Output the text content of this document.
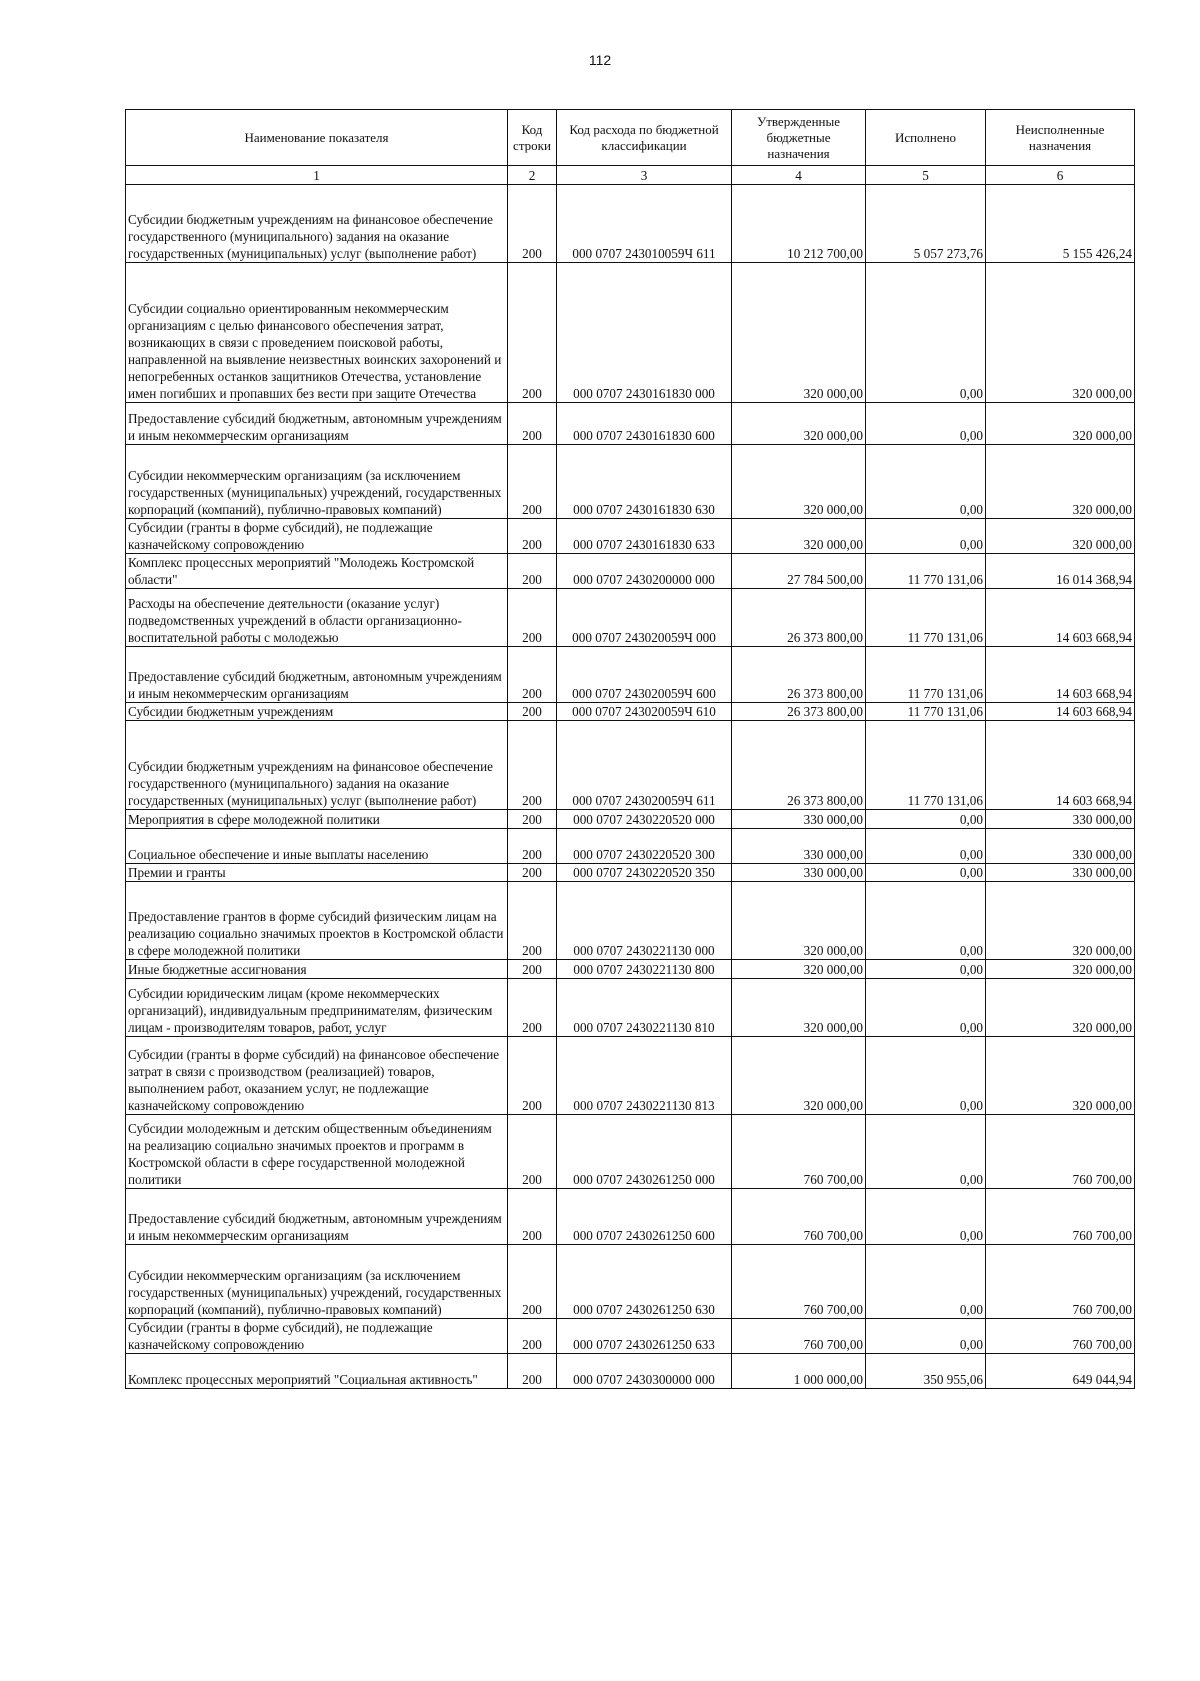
112
Наименование показателя	Код строки	Код расхода по бюджетной классификации	Утвержденные бюджетные назначения	Исполнено	Неисполненные назначения
1	2	3	4	5	6
Субсидии бюджетным учреждениям на финансовое обеспечение государственного (муниципального) задания на оказание государственных (муниципальных) услуг (выполнение работ)	200	000 0707 243010059Ч 611	10 212 700,00	5 057 273,76	5 155 426,24
Субсидии социально ориентированным некоммерческим организациям с целью финансового обеспечения затрат, возникающих в связи с проведением поисковой работы, направленной на выявление неизвестных воинских захоронений и непогребенных останков защитников Отечества, установление имен погибших и пропавших без вести при защите Отечества	200	000 0707 2430161830 000	320 000,00	0,00	320 000,00
Предоставление субсидий бюджетным, автономным учреждениям и иным некоммерческим организациям	200	000 0707 2430161830 600	320 000,00	0,00	320 000,00
Субсидии некоммерческим организациям (за исключением государственных (муниципальных) учреждений, государственных корпораций (компаний), публично-правовых компаний)	200	000 0707 2430161830 630	320 000,00	0,00	320 000,00
Субсидии (гранты в форме субсидий), не подлежащие казначейскому сопровождению	200	000 0707 2430161830 633	320 000,00	0,00	320 000,00
Комплекс процессных мероприятий "Молодежь Костромской области"	200	000 0707 2430200000 000	27 784 500,00	11 770 131,06	16 014 368,94
Расходы на обеспечение деятельности (оказание услуг) подведомственных учреждений в области организационно-воспитательной работы с молодежью	200	000 0707 243020059Ч 000	26 373 800,00	11 770 131,06	14 603 668,94
Предоставление субсидий бюджетным, автономным учреждениям и иным некоммерческим организациям	200	000 0707 243020059Ч 600	26 373 800,00	11 770 131,06	14 603 668,94
Субсидии бюджетным учреждениям	200	000 0707 243020059Ч 610	26 373 800,00	11 770 131,06	14 603 668,94
Субсидии бюджетным учреждениям на финансовое обеспечение государственного (муниципального) задания на оказание государственных (муниципальных) услуг (выполнение работ)	200	000 0707 243020059Ч 611	26 373 800,00	11 770 131,06	14 603 668,94
Мероприятия в сфере молодежной политики	200	000 0707 2430220520 000	330 000,00	0,00	330 000,00
Социальное обеспечение и иные выплаты населению	200	000 0707 2430220520 300	330 000,00	0,00	330 000,00
Премии и гранты	200	000 0707 2430220520 350	330 000,00	0,00	330 000,00
Предоставление грантов в форме субсидий физическим лицам на реализацию социально значимых проектов в Костромской области в сфере молодежной политики	200	000 0707 2430221130 000	320 000,00	0,00	320 000,00
Иные бюджетные ассигнования	200	000 0707 2430221130 800	320 000,00	0,00	320 000,00
Субсидии юридическим лицам (кроме некоммерческих организаций), индивидуальным предпринимателям, физическим лицам - производителям товаров, работ, услуг	200	000 0707 2430221130 810	320 000,00	0,00	320 000,00
Субсидии (гранты в форме субсидий) на финансовое обеспечение затрат в связи с производством (реализацией) товаров, выполнением работ, оказанием услуг, не подлежащие казначейскому сопровождению	200	000 0707 2430221130 813	320 000,00	0,00	320 000,00
Субсидии молодежным и детским общественным объединениям на реализацию социально значимых проектов и программ в Костромской области в сфере государственной молодежной политики	200	000 0707 2430261250 000	760 700,00	0,00	760 700,00
Предоставление субсидий бюджетным, автономным учреждениям и иным некоммерческим организациям	200	000 0707 2430261250 600	760 700,00	0,00	760 700,00
Субсидии некоммерческим организациям (за исключением государственных (муниципальных) учреждений, государственных корпораций (компаний), публично-правовых компаний)	200	000 0707 2430261250 630	760 700,00	0,00	760 700,00
Субсидии (гранты в форме субсидий), не подлежащие казначейскому сопровождению	200	000 0707 2430261250 633	760 700,00	0,00	760 700,00
Комплекс процессных мероприятий "Социальная активность"	200	000 0707 2430300000 000	1 000 000,00	350 955,06	649 044,94
